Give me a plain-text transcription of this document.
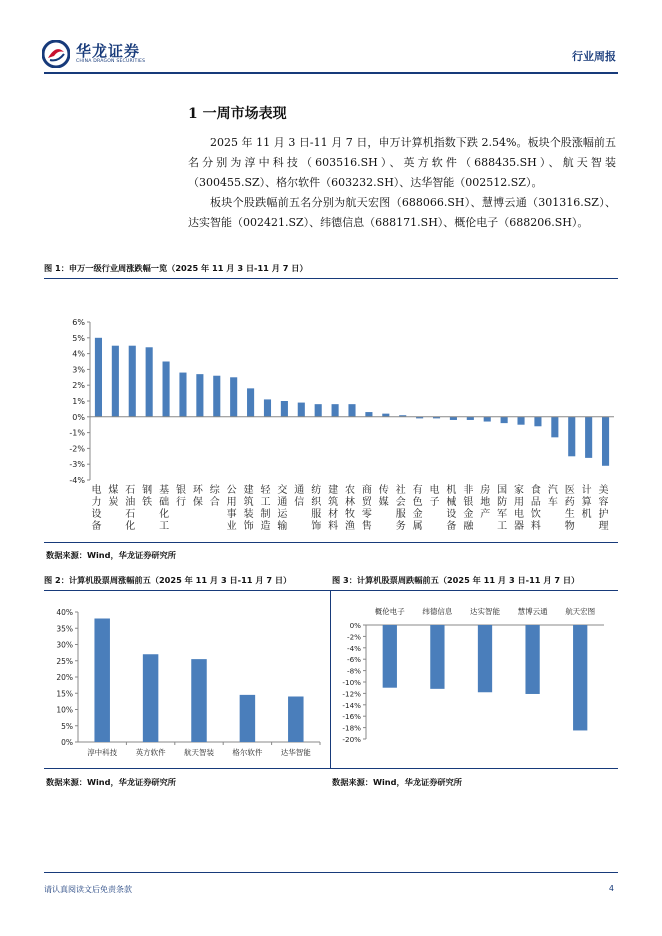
华龙证券
CHINA DRAGON SECURITIES	行业周报
1 一周市场表现
2025 年 11 月 3 日-11 月 7 日，申万计算机指数下跌 2.54%。板块个股涨幅前五名分别为淳中科技（603516.SH）、英方软件（688435.SH）、航天智装（300455.SZ）、格尔软件（603232.SH）、达华智能（002512.SZ）。
板块个股跌幅前五名分别为航天宏图（688066.SH）、慧博云通（301316.SZ）、达实智能（002421.SZ）、纬德信息（688171.SH）、概伦电子（688206.SH）。
图 1：申万一级行业周涨跌幅一览（2025 年 11 月 3 日-11 月 7 日）
6%
5%
4%
3%
2%
1%
0%
-1%
-2%
-3%
-4%
电
力
设
备
煤
炭
石
油
石
化
钢
铁
基
础
化
工
银
行
环
保
综
合
公
用
事
业
建
筑
装
饰
轻
工
制
造
交
通
运
输
通
信
纺
织
服
饰
建
筑
材
料
农
林
牧
渔
商
贸
零
售
传
媒
社
会
服
务
有
色
金
属
电
子
机
械
设
备
非
银
金
融
房
地
产
国
防
军
工
家
用
电
器
食
品
饮
料
汽
车
医
药
生
物
计
算
机
美
容
护
理
数据来源：Wind，华龙证券研究所
图 2：计算机股票周涨幅前五（2025 年 11 月 3 日-11 月 7 日）	图 3：计算机股票周跌幅前五（2025 年 11 月 3 日-11 月 7 日）
40%
35%
30%
25%
20%
15%
10%
5%
0%
淳中科技 英方软件 航天智装 格尔软件 达华智能
0%
-2%
-4%
-6%
-8%
-10%
-12%
-14%
-16%
-18%
-20%
概伦电子 纬德信息 达实智能 慧博云通 航天宏图
数据来源：Wind，华龙证券研究所	数据来源：Wind，华龙证券研究所
请认真阅读文后免责条款	4
